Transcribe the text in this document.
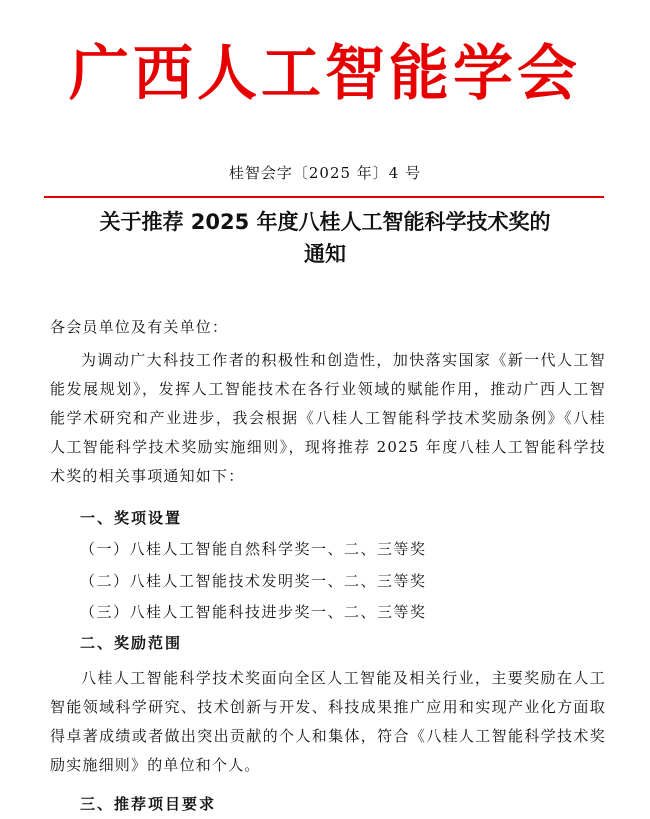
广西人工智能学会
桂智会字〔2025 年〕4 号
关于推荐 2025 年度八桂人工智能科学技术奖的
通知
各会员单位及有关单位：
为调动广大科技工作者的积极性和创造性，加快落实国家《新一代人工智能发展规划》，发挥人工智能技术在各行业领域的赋能作用，推动广西人工智能学术研究和产业进步，我会根据《八桂人工智能科学技术奖励条例》《八桂人工智能科学技术奖励实施细则》，现将推荐 2025 年度八桂人工智能科学技术奖的相关事项通知如下：
一、奖项设置
（一）八桂人工智能自然科学奖一、二、三等奖
（二）八桂人工智能技术发明奖一、二、三等奖
（三）八桂人工智能科技进步奖一、二、三等奖
二、奖励范围
八桂人工智能科学技术奖面向全区人工智能及相关行业，主要奖励在人工智能领域科学研究、技术创新与开发、科技成果推广应用和实现产业化方面取得卓著成绩或者做出突出贡献的个人和集体，符合《八桂人工智能科学技术奖励实施细则》的单位和个人。
三、推荐项目要求
